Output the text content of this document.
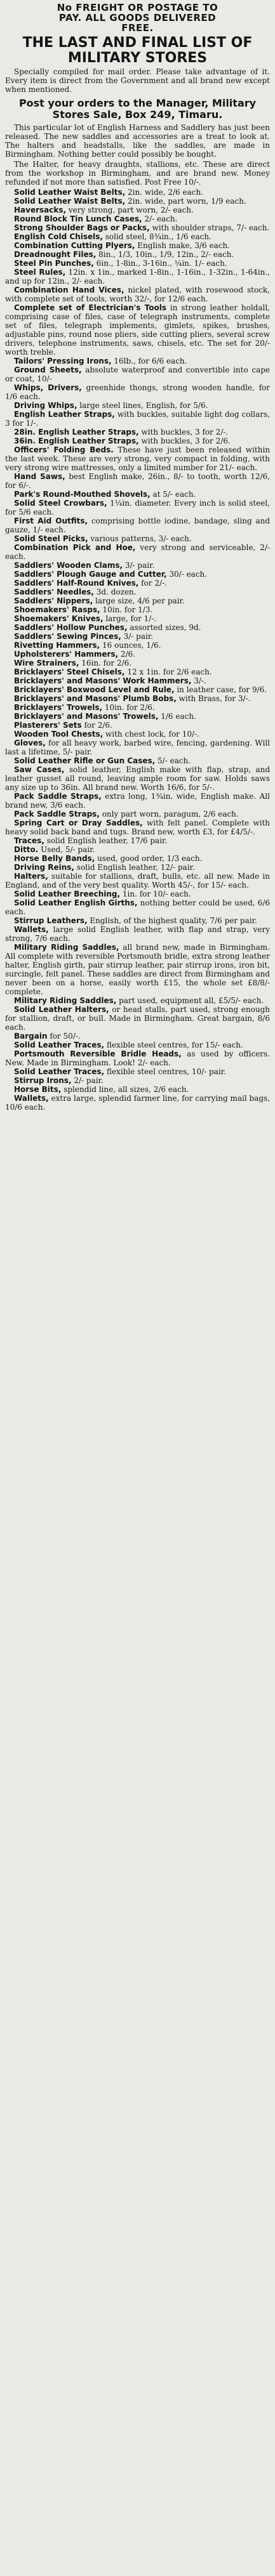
No FREIGHT OR POSTAGE TO

PAY. ALL GOODS DELIVERED

FREE.

THE LAST AND FINAL LIST OF MILITARY STORES

Specially compiled for mail order. Please take advantage of it. Every item is direct from the Government and all brand new except when mentioned.

Post your orders to the Manager, Military Stores Sale, Box 249, Timaru.

This particular lot of English Harness and Saddlery has just been released. The new saddles and accessories are a treat to look at. The halters and headstalls, like the saddles, are made in Birmingham. Nothing better could possibly be bought.

The Halter, for heavy draughts, stallions, etc. These are direct from the workshop in Birmingham, and are brand new. Money refunded if not more than satisfied. Post Free 10/-.

Solid Leather Waist Belts, 2in. wide, 2/6 each.

Solid Leather Waist Belts, 2in. wide, part worn, 1/9 each.

Haversacks, very strong, part worn, 2/- each.

Round Block Tin Lunch Cases, 2/- each.

Strong Shoulder Bags or Packs, with shoulder straps, 7/- each.

English Cold Chisels, solid steel, 8¾in., 1/6 each.

Combination Cutting Plyers, English make, 3/6 each.

Dreadnought Files, 8in., 1/3, 10in., 1/9, 12in., 2/- each.

Steel Pin Punches, 6in., 1-8in., 3-16in., ¼in. 1/- each.

Steel Rules, 12in. x 1in., marked 1-8in., 1-16in., 1-32in., 1-64in., and up for 12in., 2/- each.

Combination Hand Vices, nickel plated, with rosewood stock, with complete set of tools, worth 32/-, for 12/6 each.

Complete set of Electrician's Tools in strong leather holdall, comprising case of files, case of telegraph instruments, complete set of files, telegraph implements, gimlets, spikes, brushes, adjustable pins, round nose pliers, side cutting pliers, several screw drivers, telephone instruments, saws, chisels, etc. The set for 20/- worth treble.

Tailors' Pressing Irons, 16lb., for 6/6 each.

Ground Sheets, absolute waterproof and convertible into cape or coat, 10/-

Whips, Drivers, greenhide thongs, strong wooden handle, for 1/6 each.

Driving Whips, large steel lines, English, for 5/6.

English Leather Straps, with buckles, suitable light dog collars, 3 for 1/-.

28in. English Leather Straps, with buckles, 3 for 2/-.

36in. English Leather Straps, with buckles, 3 for 2/6.

Officers' Folding Beds. These have just been released within the last week. These are very strong, very compact in folding, with very strong wire mattresses, only a limited number for 21/- each.

Hand Saws, best English make, 26in., 8/- to tooth, worth 12/6, for 6/-.

Park's Round-Mouthed Shovels, at 5/- each.

Solid Steel Crowbars, 1¼in. diameter. Every inch is solid steel, for 5/6 each.

First Aid Outfits, comprising bottle iodine, bandage, sling and gauze, 1/- each.

Solid Steel Picks, various patterns, 3/- each.

Combination Pick and Hoe, very strong and serviceable, 2/- each.

Saddlers' Wooden Clams, 3/- pair.

Saddlers' Plough Gauge and Cutter, 30/- each.

Saddlers' Half-Round Knives, for 2/-.

Saddlers' Needles, 3d. dozen.

Saddlers' Nippers, large size, 4/6 per pair.

Shoemakers' Rasps, 10in. for 1/3.

Shoemakers' Knives, large, for 1/-.

Saddlers' Hollow Punches, assorted sizes, 9d.

Saddlers' Sewing Pinces, 3/- pair.

Rivetting Hammers, 16 ounces, 1/6.

Upholsterers' Hammers, 2/6.

Wire Strainers, 16in. for 2/6.

Bricklayers' Steel Chisels, 12 x 1in. for 2/6 each.

Bricklayers' and Masons' Work Hammers, 3/-.

Bricklayers' Boxwood Level and Rule, in leather case, for 9/6.

Bricklayers' and Masons' Plumb Bobs, with Brass, for 3/-.

Bricklayers' Trowels, 10in. for 2/6.

Bricklayers' and Masons' Trowels, 1/6 each.

Plasterers' Sets for 2/6.

Wooden Tool Chests, with chest lock, for 10/-.

Gloves, for all heavy work, barbed wire, fencing, gardening. Will last a lifetime, 5/- pair.

Solid Leather Rifle or Gun Cases, 5/- each.

Saw Cases, solid leather, English make with flap, strap, and leather gusset all round, leaving ample room for saw. Holds saws any size up to 36in. All brand new. Worth 16/6, for 5/-.

Pack Saddle Straps, extra long, 1¾in. wide, English make. All brand new, 3/6 each.

Pack Saddle Straps, only part worn, paragum, 2/6 each.

Spring Cart or Dray Saddles, with felt panel. Complete with heavy solid back band and tugs. Brand new, worth £3, for £4/5/-.

Traces, solid English leather, 17/6 pair.

Ditto. Used, 5/- pair.

Horse Belly Bands, used, good order, 1/3 each.

Driving Reins, solid English leather, 12/- pair.

Halters, suitable for stallions, draft, bulls, etc. all new. Made in England, and of the very best quality. Worth 45/-, for 15/- each.

Solid Leather Breeching, 1in. for 10/- each.

Solid Leather English Girths, nothing better could be used, 6/6 each.

Stirrup Leathers, English, of the highest quality, 7/6 per pair.

Wallets, large solid English leather, with flap and strap, very strong, 7/6 each.

Military Riding Saddles, all brand new, made in Birmingham. All complete with reversible Portsmouth bridle, extra strong leather halter, English girth, pair stirrup leather, pair stirrup irons, iron bit, surcingle, felt panel. These saddles are direct from Birmingham and never been on a horse, easily worth £15, the whole set £8/8/- complete.

Military Riding Saddles, part used, equipment all, £5/5/- each.

Solid Leather Halters, or head stalls, part used, strong enough for stallion, draft, or bull. Made in Birmingham. Great bargain, 8/6 each.

Bargain for 50/-.

Solid Leather Traces, flexible steel centres, for 15/- each.

Portsmouth Reversible Bridle Heads, as used by officers. New. Made in Birmingham. Look! 2/- each.

Solid Leather Traces, flexible steel centres, 10/- pair.

Stirrup Irons, 2/- pair.

Horse Bits, splendid line, all sizes, 2/6 each.

Wallets, extra large, splendid farmer line, for carrying mail bags, 10/6 each.
